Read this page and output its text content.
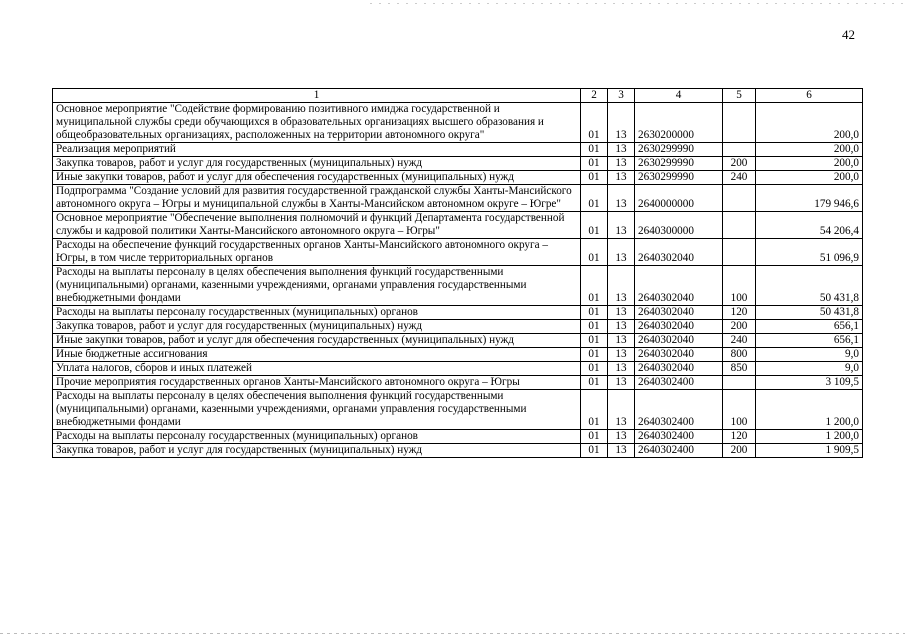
42
1	2	3	4	5	6
Основное мероприятие "Содействие формированию позитивного имиджа государственной и муниципальной службы среди обучающихся в образовательных организациях высшего образования и общеобразовательных организациях, расположенных на территории автономного округа"	01	13	2630200000		200,0
Реализация мероприятий	01	13	2630299990		200,0
Закупка товаров, работ и услуг для государственных (муниципальных) нужд	01	13	2630299990	200	200,0
Иные закупки товаров, работ и услуг для обеспечения государственных (муниципальных) нужд	01	13	2630299990	240	200,0
Подпрограмма "Создание условий для развития государственной гражданской службы Ханты-Мансийского автономного округа – Югры и муниципальной службы в Ханты-Мансийском автономном округе – Югре"	01	13	2640000000		179 946,6
Основное мероприятие "Обеспечение выполнения полномочий и функций Департамента государственной службы и кадровой политики Ханты-Мансийского автономного округа – Югры"	01	13	2640300000		54 206,4
Расходы на обеспечение функций государственных органов Ханты-Мансийского автономного округа – Югры, в том числе территориальных органов	01	13	2640302040		51 096,9
Расходы на выплаты персоналу в целях обеспечения выполнения функций государственными (муниципальными) органами, казенными учреждениями, органами управления государственными внебюджетными фондами	01	13	2640302040	100	50 431,8
Расходы на выплаты персоналу государственных (муниципальных) органов	01	13	2640302040	120	50 431,8
Закупка товаров, работ и услуг для государственных (муниципальных) нужд	01	13	2640302040	200	656,1
Иные закупки товаров, работ и услуг для обеспечения государственных (муниципальных) нужд	01	13	2640302040	240	656,1
Иные бюджетные ассигнования	01	13	2640302040	800	9,0
Уплата налогов, сборов и иных платежей	01	13	2640302040	850	9,0
Прочие мероприятия государственных органов Ханты-Мансийского автономного округа – Югры	01	13	2640302400		3 109,5
Расходы на выплаты персоналу в целях обеспечения выполнения функций государственными (муниципальными) органами, казенными учреждениями, органами управления государственными внебюджетными фондами	01	13	2640302400	100	1 200,0
Расходы на выплаты персоналу государственных (муниципальных) органов	01	13	2640302400	120	1 200,0
Закупка товаров, работ и услуг для государственных (муниципальных) нужд	01	13	2640302400	200	1 909,5
